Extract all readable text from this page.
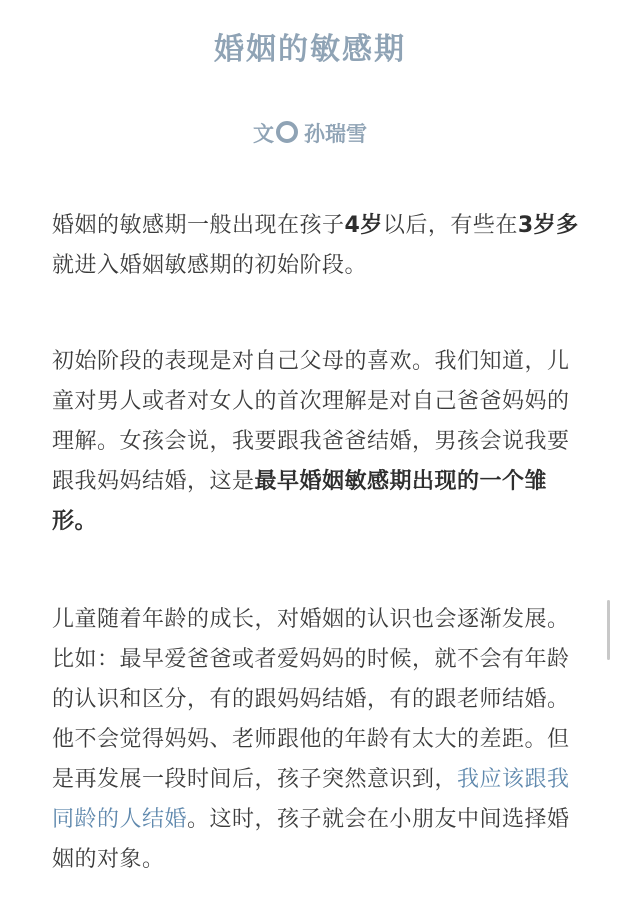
婚姻的敏感期
文 孙瑞雪
婚姻的敏感期一般出现在孩子4岁以后，有些在3岁多就进入婚姻敏感期的初始阶段。
初始阶段的表现是对自己父母的喜欢。我们知道，儿童对男人或者对女人的首次理解是对自己爸爸妈妈的理解。女孩会说，我要跟我爸爸结婚，男孩会说我要跟我妈妈结婚，这是最早婚姻敏感期出现的一个雏形。
儿童随着年龄的成长，对婚姻的认识也会逐渐发展。比如：最早爱爸爸或者爱妈妈的时候，就不会有年龄的认识和区分，有的跟妈妈结婚，有的跟老师结婚。他不会觉得妈妈、老师跟他的年龄有太大的差距。但是再发展一段时间后，孩子突然意识到，我应该跟我同龄的人结婚。这时，孩子就会在小朋友中间选择婚姻的对象。
